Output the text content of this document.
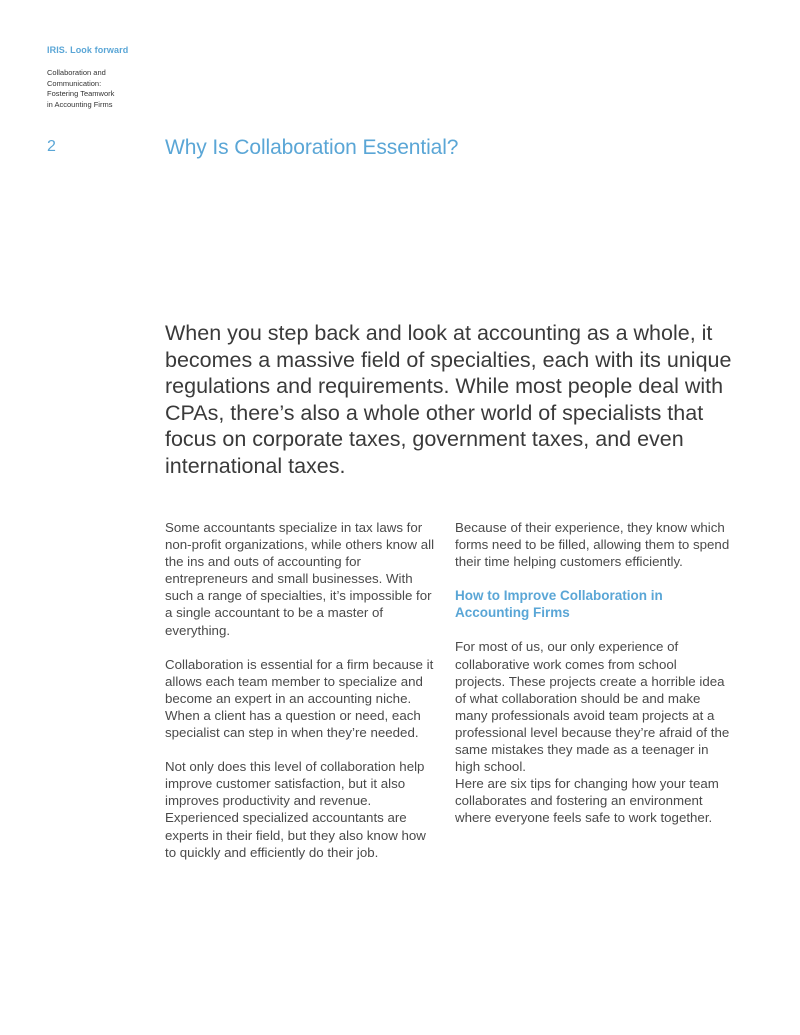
IRIS. Look forward
Collaboration and
Communication:
Fostering Teamwork
in Accounting Firms
2	Why Is Collaboration Essential?

When you step back and look at accounting as a whole, it becomes a massive field of specialties, each with its unique regulations and requirements. While most people deal with CPAs, there’s also a whole other world of specialists that focus on corporate taxes, government taxes, and even international taxes.

Some accountants specialize in tax laws for non-profit organizations, while others know all the ins and outs of accounting for entrepreneurs and small businesses. With such a range of specialties, it’s impossible for a single accountant to be a master of everything.

Collaboration is essential for a firm because it allows each team member to specialize and become an expert in an accounting niche. When a client has a question or need, each specialist can step in when they’re needed.

Not only does this level of collaboration help improve customer satisfaction, but it also improves productivity and revenue. Experienced specialized accountants are experts in their field, but they also know how to quickly and efficiently do their job.

Because of their experience, they know which forms need to be filled, allowing them to spend their time helping customers efficiently.

How to Improve Collaboration in Accounting Firms

For most of us, our only experience of collaborative work comes from school projects. These projects create a horrible idea of what collaboration should be and make many professionals avoid team projects at a professional level because they’re afraid of the same mistakes they made as a teenager in high school.

Here are six tips for changing how your team collaborates and fostering an environment where everyone feels safe to work together.
